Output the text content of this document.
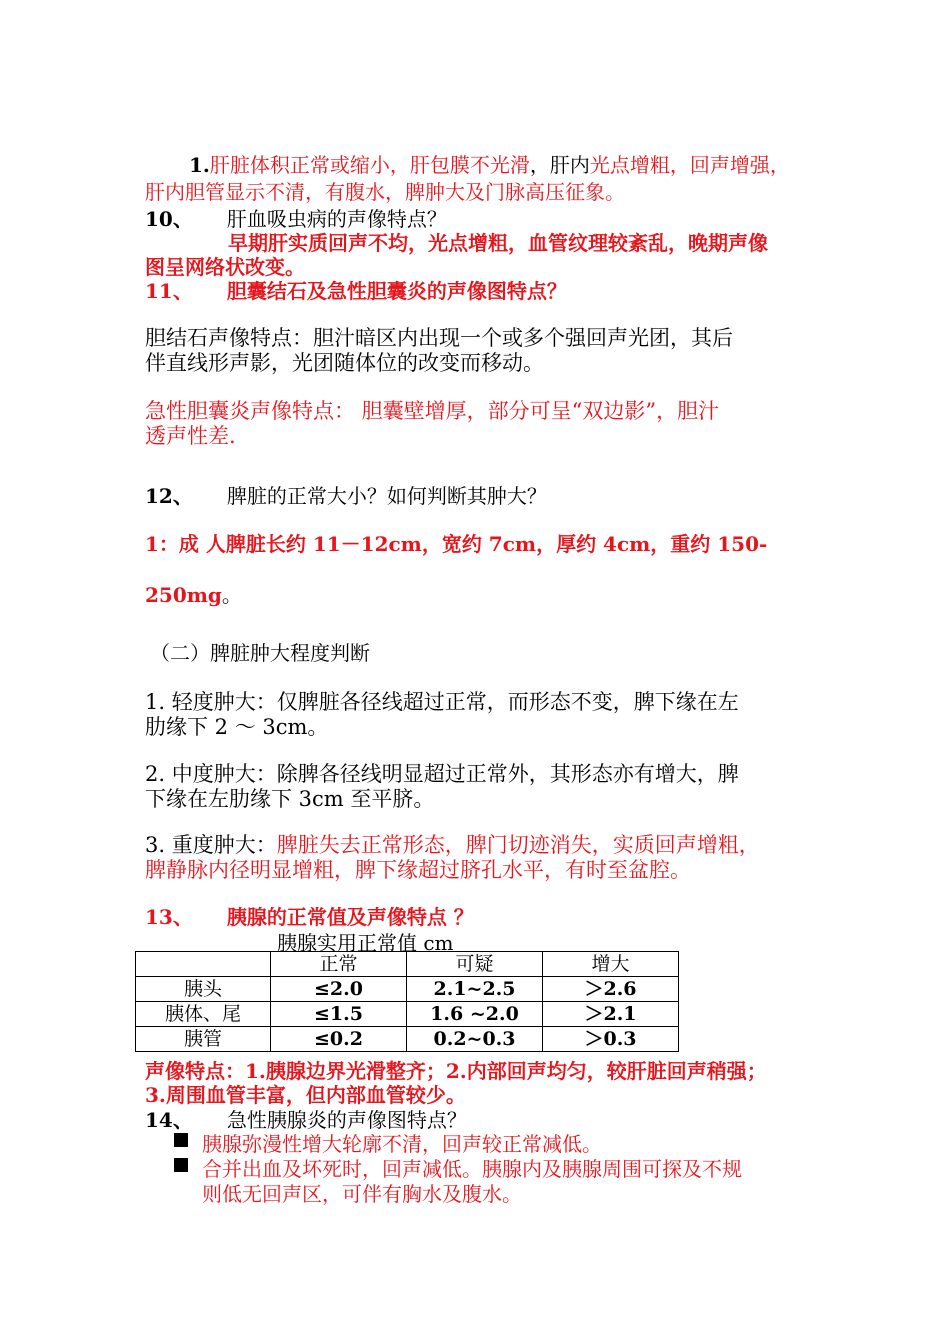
1.肝脏体积正常或缩小，肝包膜不光滑，肝内光点增粗，回声增强，
肝内胆管显示不清，有腹水，脾肿大及门脉高压征象。
10、 肝血吸虫病的声像特点？
早期肝实质回声不均，光点增粗，血管纹理较紊乱，晚期声像
图呈网络状改变。
11、 胆囊结石及急性胆囊炎的声像图特点？
胆结石声像特点：胆汁暗区内出现一个或多个强回声光团，其后
伴直线形声影，光团随体位的改变而移动。
急性胆囊炎声像特点： 胆囊壁增厚，部分可呈“双边影”，胆汁
透声性差.
12、 脾脏的正常大小？如何判断其肿大？
1：成 人脾脏长约 11－12cm，宽约 7cm，厚约 4cm，重约 150-
250mg。
（二）脾脏肿大程度判断
1. 轻度肿大：仅脾脏各径线超过正常，而形态不变，脾下缘在左
肋缘下 2 ～ 3cm。
2. 中度肿大：除脾各径线明显超过正常外，其形态亦有增大，脾
下缘在左肋缘下 3cm 至平脐。
3. 重度肿大：脾脏失去正常形态，脾门切迹消失，实质回声增粗，
脾静脉内径明显增粗，脾下缘超过脐孔水平，有时至盆腔。
13、 胰腺的正常值及声像特点 ？
胰腺实用正常值 cm
	正常	可疑	增大
胰头	≤2.0	2.1~2.5	＞2.6
胰体、尾	≤1.5	1.6 ~2.0	＞2.1
胰管	≤0.2	0.2~0.3	＞0.3
声像特点：1.胰腺边界光滑整齐；2.内部回声均匀，较肝脏回声稍强；
3.周围血管丰富，但内部血管较少。
14、 急性胰腺炎的声像图特点？
胰腺弥漫性增大轮廓不清，回声较正常减低。
合并出血及坏死时，回声减低。胰腺内及胰腺周围可探及不规
则低无回声区，可伴有胸水及腹水。
